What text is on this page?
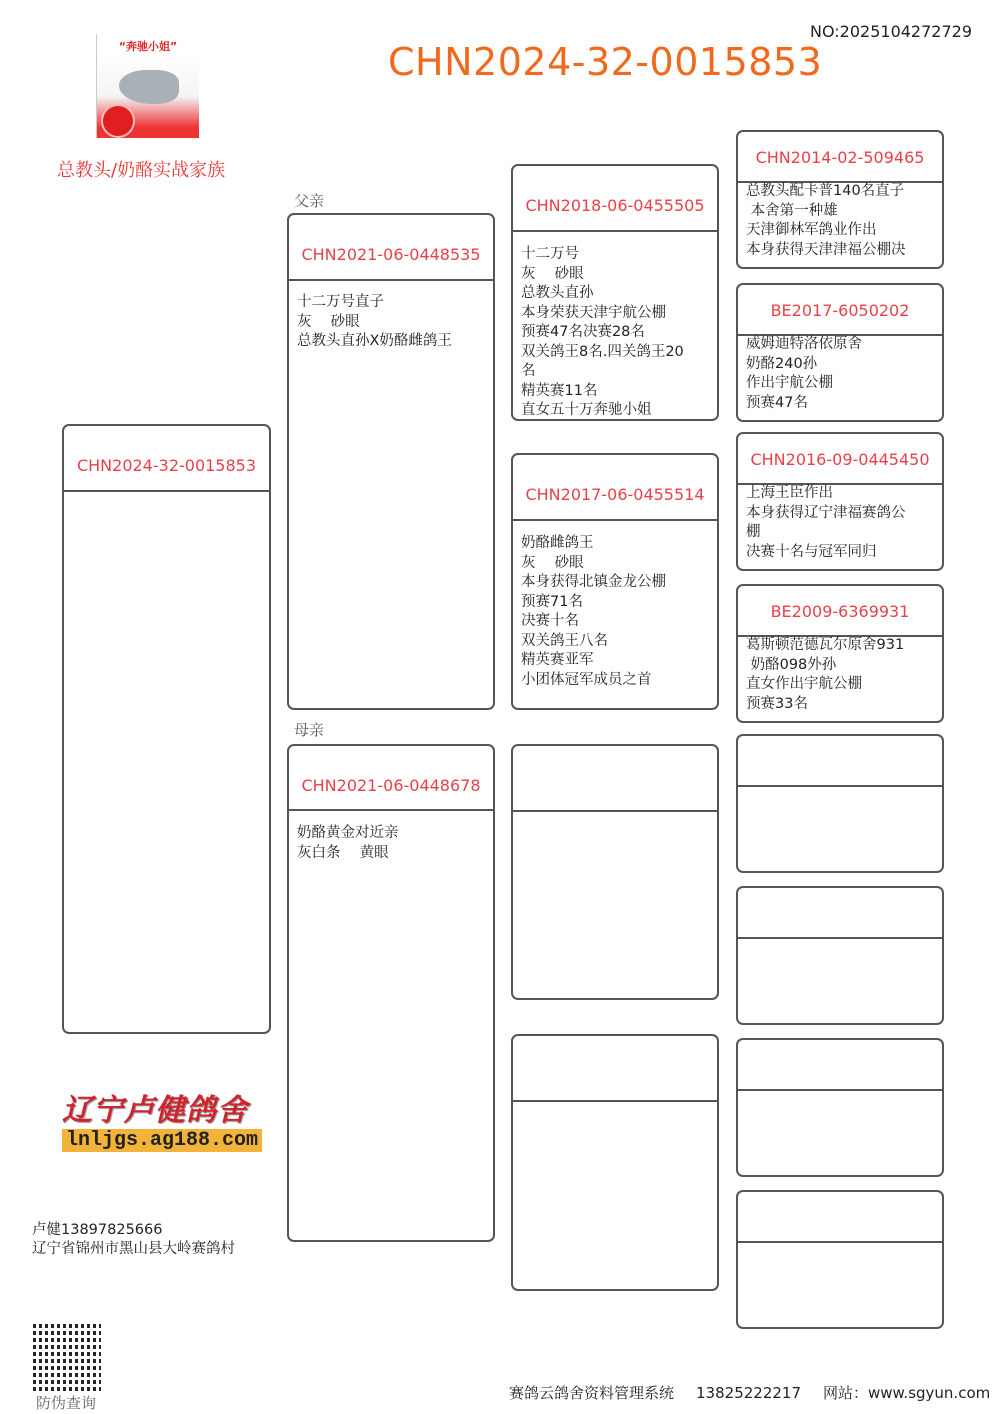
NO:2025104272729
CHN2024-32-0015853
“奔驰小姐”
总教头/奶酪实战家族
父亲
母亲
CHN2024-32-0015853
CHN2021-06-0448535
十二万号直子
灰　 砂眼
总教头直孙X奶酪雌鸽王
CHN2021-06-0448678
奶酪黄金对近亲
灰白条　 黄眼
CHN2018-06-0455505
十二万号
灰　 砂眼
总教头直孙
本身荣获天津宇航公棚
预赛47名决赛28名
双关鸽王8名.四关鸽王20
名
精英赛11名
直女五十万奔驰小姐
CHN2017-06-0455514
奶酪雌鸽王
灰　 砂眼
本身获得北镇金龙公棚
预赛71名
决赛十名
双关鸽王八名
精英赛亚军
小团体冠军成员之首
CHN2014-02-509465
总教头配卡普140名直子
本舍第一种雄
天津御林军鸽业作出
本身获得天津津福公棚决
BE2017-6050202
威姆迪特洛依原舍
奶酪240孙
作出宇航公棚
预赛47名
CHN2016-09-0445450
上海王臣作出
本身获得辽宁津福赛鸽公
棚
决赛十名与冠军同归
BE2009-6369931
葛斯顿范德瓦尔原舍931
奶酪098外孙
直女作出宇航公棚
预赛33名
辽宁卢健鸽舍
lnljgs.ag188.com
卢健13897825666
辽宁省锦州市黑山县大岭赛鸽村
防伪查询
赛鸽云鸽舍资料管理系统 13825222217 网站：www.sgyun.com
